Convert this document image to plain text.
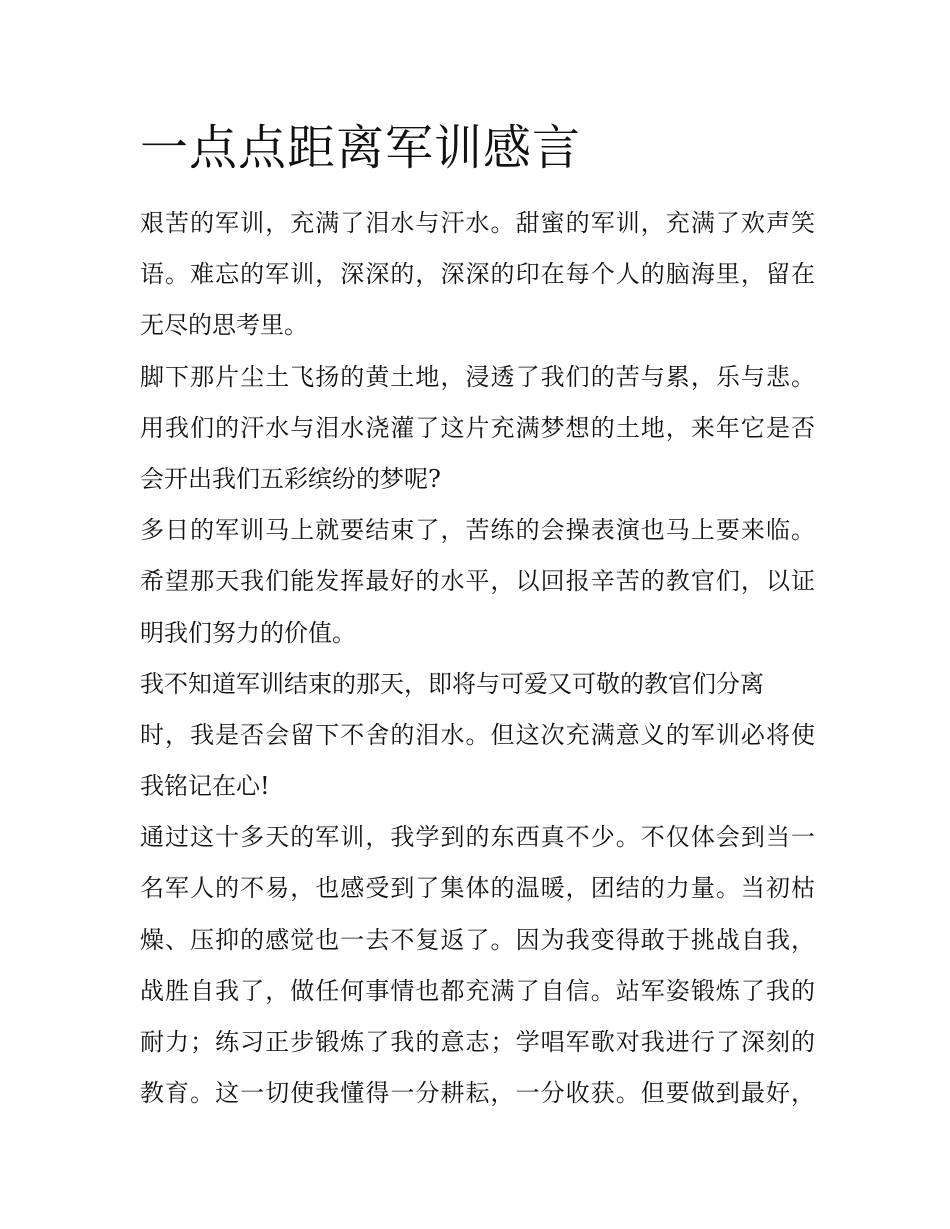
一点点距离军训感言
艰苦的军训，充满了泪水与汗水。甜蜜的军训，充满了欢声笑
语。难忘的军训，深深的，深深的印在每个人的脑海里，留在
无尽的思考里。
脚下那片尘土飞扬的黄土地，浸透了我们的苦与累，乐与悲。
用我们的汗水与泪水浇灌了这片充满梦想的土地，来年它是否
会开出我们五彩缤纷的梦呢?
多日的军训马上就要结束了，苦练的会操表演也马上要来临。
希望那天我们能发挥最好的水平，以回报辛苦的教官们，以证
明我们努力的价值。
我不知道军训结束的那天，即将与可爱又可敬的教官们分离
时，我是否会留下不舍的泪水。但这次充满意义的军训必将使
我铭记在心!
通过这十多天的军训，我学到的东西真不少。不仅体会到当一
名军人的不易，也感受到了集体的温暖，团结的力量。当初枯
燥、压抑的感觉也一去不复返了。因为我变得敢于挑战自我，
战胜自我了，做任何事情也都充满了自信。站军姿锻炼了我的
耐力；练习正步锻炼了我的意志；学唱军歌对我进行了深刻的
教育。这一切使我懂得一分耕耘，一分收获。但要做到最好，
